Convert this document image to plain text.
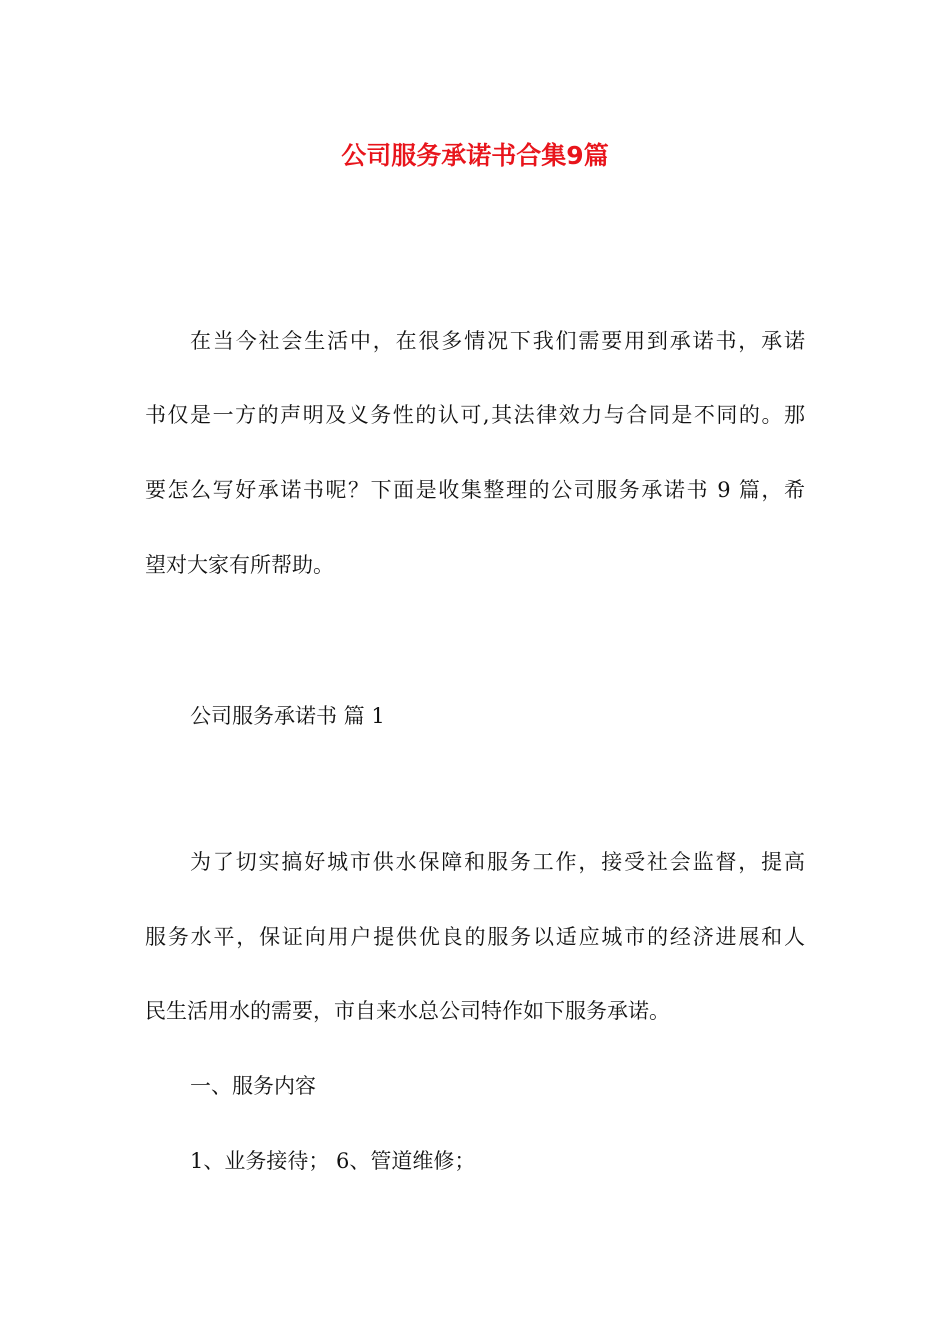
公司服务承诺书合集9篇
在当今社会生活中，在很多情况下我们需要用到承诺书，承诺
书仅是一方的声明及义务性的认可,其法律效力与合同是不同的。那
要怎么写好承诺书呢？下面是收集整理的公司服务承诺书 9 篇，希
望对大家有所帮助。
公司服务承诺书 篇 1
为了切实搞好城市供水保障和服务工作，接受社会监督，提高
服务水平，保证向用户提供优良的服务以适应城市的经济进展和人
民生活用水的需要，市自来水总公司特作如下服务承诺。
一、服务内容
1、业务接待； 6、管道维修；
